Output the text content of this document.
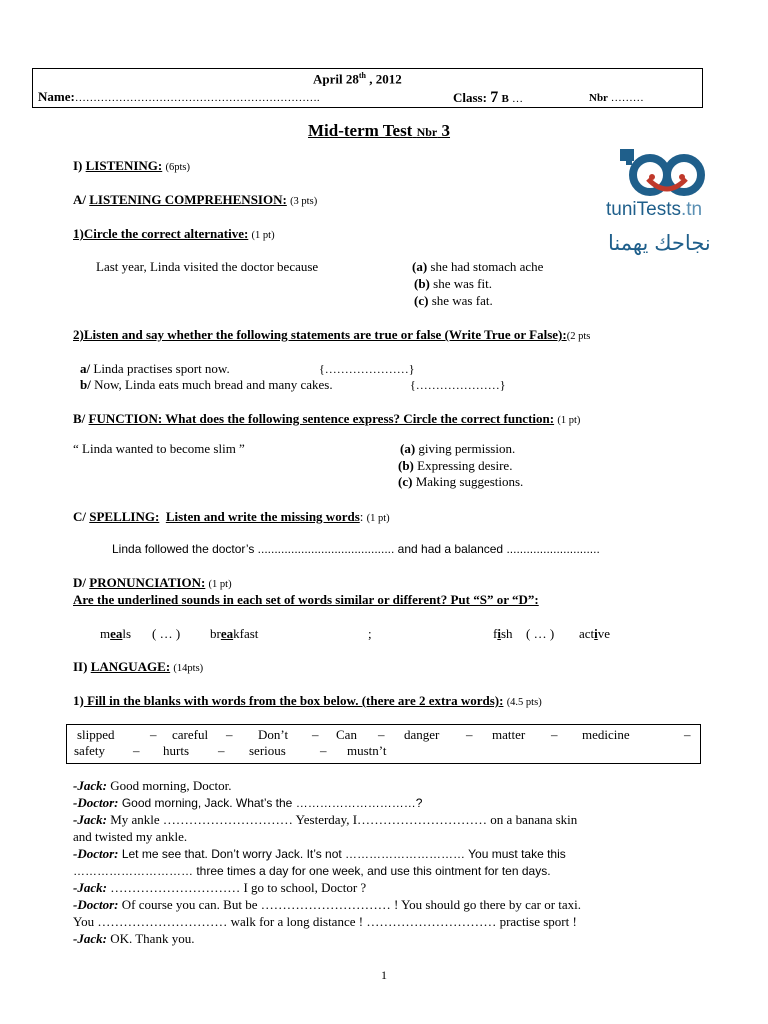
April 28th , 2012
Name:………………………………………………………….	Class: 7 B …	Nbr ………
Mid-term Test Nbr 3
tuniTests.tn
نجاحك يهمنا
I) LISTENING: (6pts)
A/ LISTENING COMPREHENSION: (3 pts)
1)Circle the correct alternative: (1 pt)
Last year, Linda visited the doctor because	(a) she had stomach ache
(b) she was fit.
(c) she was fat.
2)Listen and say whether the following statements are true or false (Write True or False):(2 pts
a/ Linda practises sport now.	{…………………}
b/ Now, Linda eats much bread and many cakes.	{…………………}
B/ FUNCTION: What does the following sentence express? Circle the correct function: (1 pt)
“ Linda wanted to become slim ”	(a) giving permission.
(b) Expressing desire.
(c) Making suggestions.
C/ SPELLING: Listen and write the missing words: (1 pt)
Linda followed the doctor’s ......................................... and had a balanced ............................
D/ PRONUNCIATION: (1 pt)
Are the underlined sounds in each set of words similar or different? Put “S” or “D”:
meals ( … ) breakfast	;	fish ( … ) active
II) LANGUAGE: (14pts)
1) Fill in the blanks with words from the box below. (there are 2 extra words): (4.5 pts)
slipped	– careful – Don’t – Can – danger – matter – medicine	–
safety – hurts – serious	– mustn’t
-Jack: Good morning, Doctor.
-Doctor: Good morning, Jack. What’s the …………………………?
-Jack: My ankle ………………………… Yesterday, I………………………… on a banana skin
and twisted my ankle.
-Doctor: Let me see that. Don’t worry Jack. It’s not ………………………… You must take this
………………………… three times a day for one week, and use this ointment for ten days.
-Jack: ………………………… I go to school, Doctor ?
-Doctor: Of course you can. But be ………………………… ! You should go there by car or taxi.
You ………………………… walk for a long distance ! ………………………… practise sport !
-Jack: OK. Thank you.
1
